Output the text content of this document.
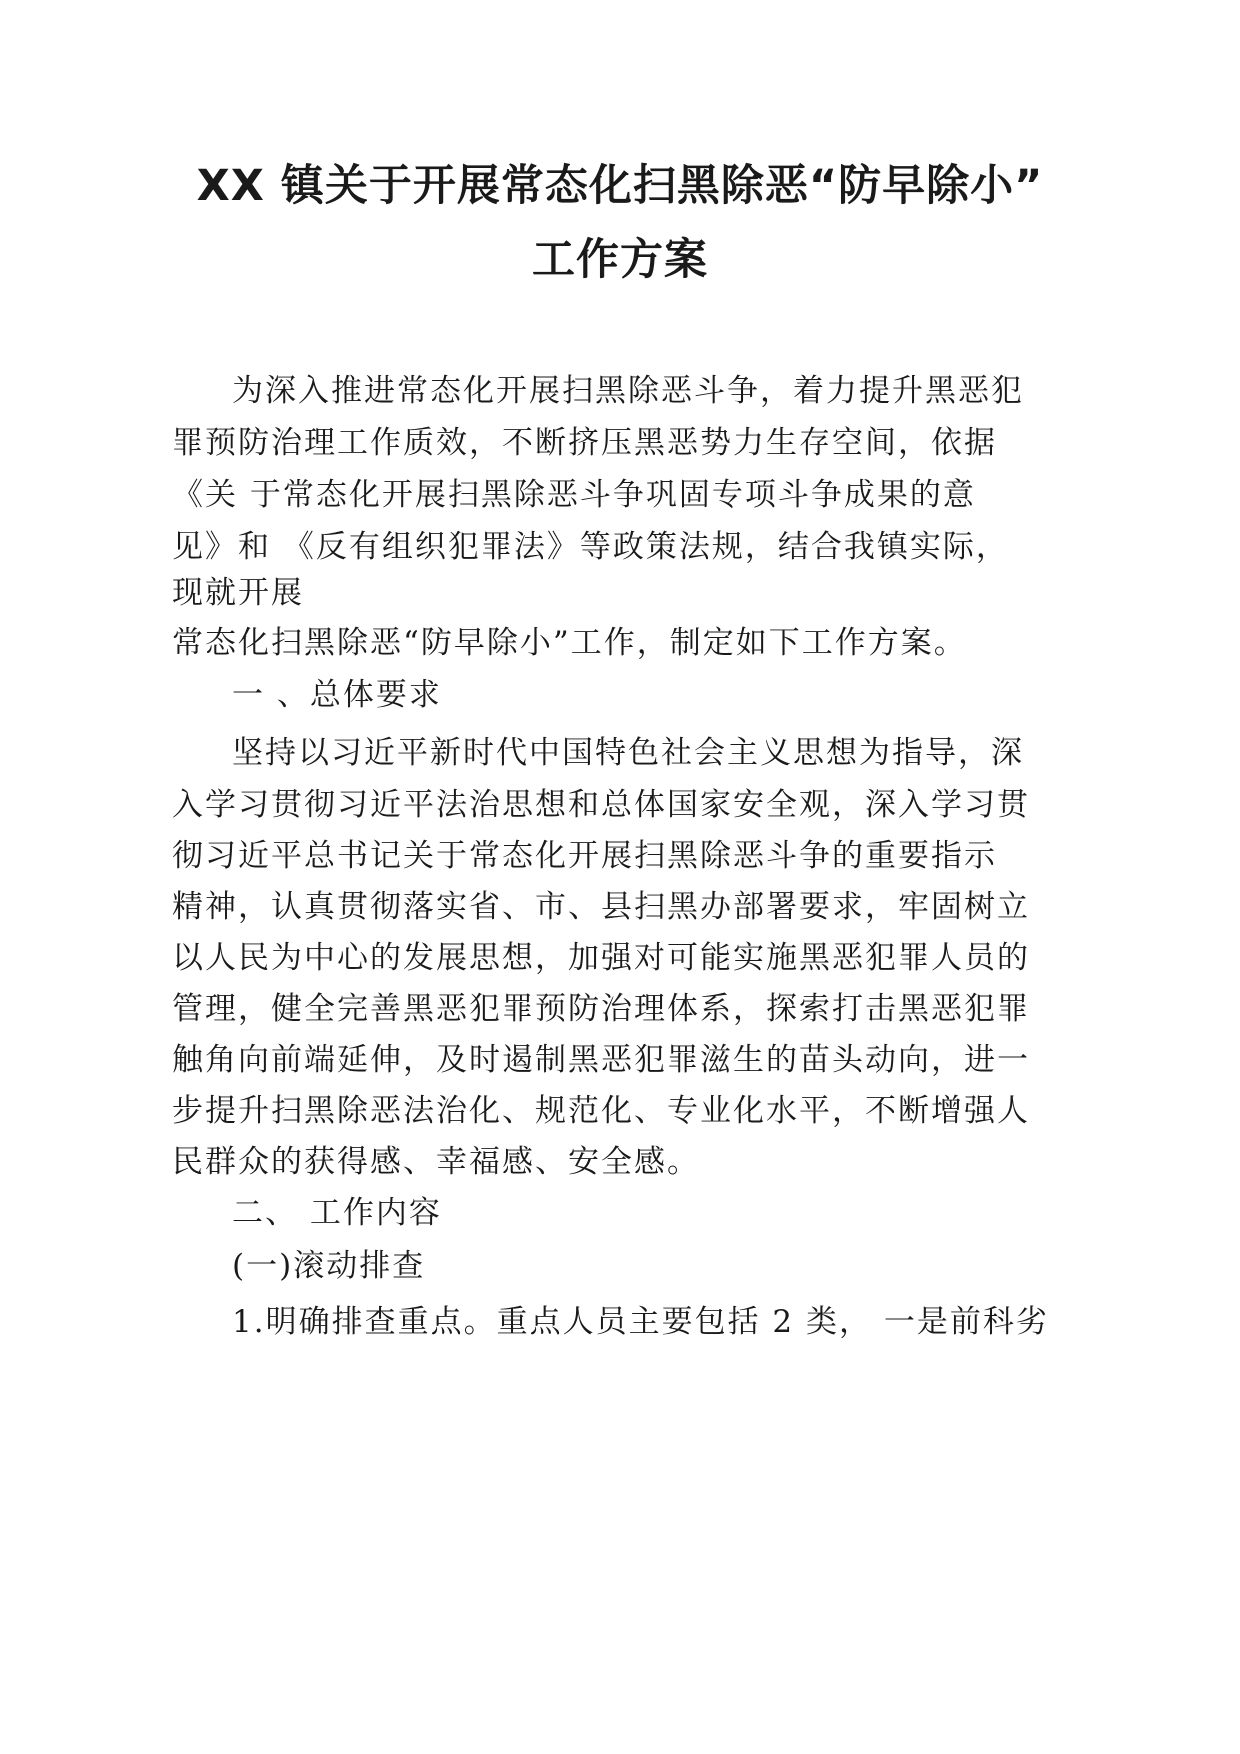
XX 镇关于开展常态化扫黑除恶“防早除小”
工作方案
为深入推进常态化开展扫黑除恶斗争，着力提升黑恶犯
罪预防治理工作质效，不断挤压黑恶势力生存空间，依据
《关 于常态化开展扫黑除恶斗争巩固专项斗争成果的意
见》和 《反有组织犯罪法》等政策法规，结合我镇实际，
现就开展
常态化扫黑除恶“防早除小”工作，制定如下工作方案。
一 、总体要求
坚持以习近平新时代中国特色社会主义思想为指导，深
入学习贯彻习近平法治思想和总体国家安全观，深入学习贯
彻习近平总书记关于常态化开展扫黑除恶斗争的重要指示
精神，认真贯彻落实省、市、县扫黑办部署要求，牢固树立
以人民为中心的发展思想，加强对可能实施黑恶犯罪人员的
管理，健全完善黑恶犯罪预防治理体系，探索打击黑恶犯罪
触角向前端延伸，及时遏制黑恶犯罪滋生的苗头动向，进一
步提升扫黑除恶法治化、规范化、专业化水平，不断增强人
民群众的获得感、幸福感、安全感。
二、 工作内容
(一)滚动排查
1.明确排查重点。重点人员主要包括 2 类， 一是前科劣
